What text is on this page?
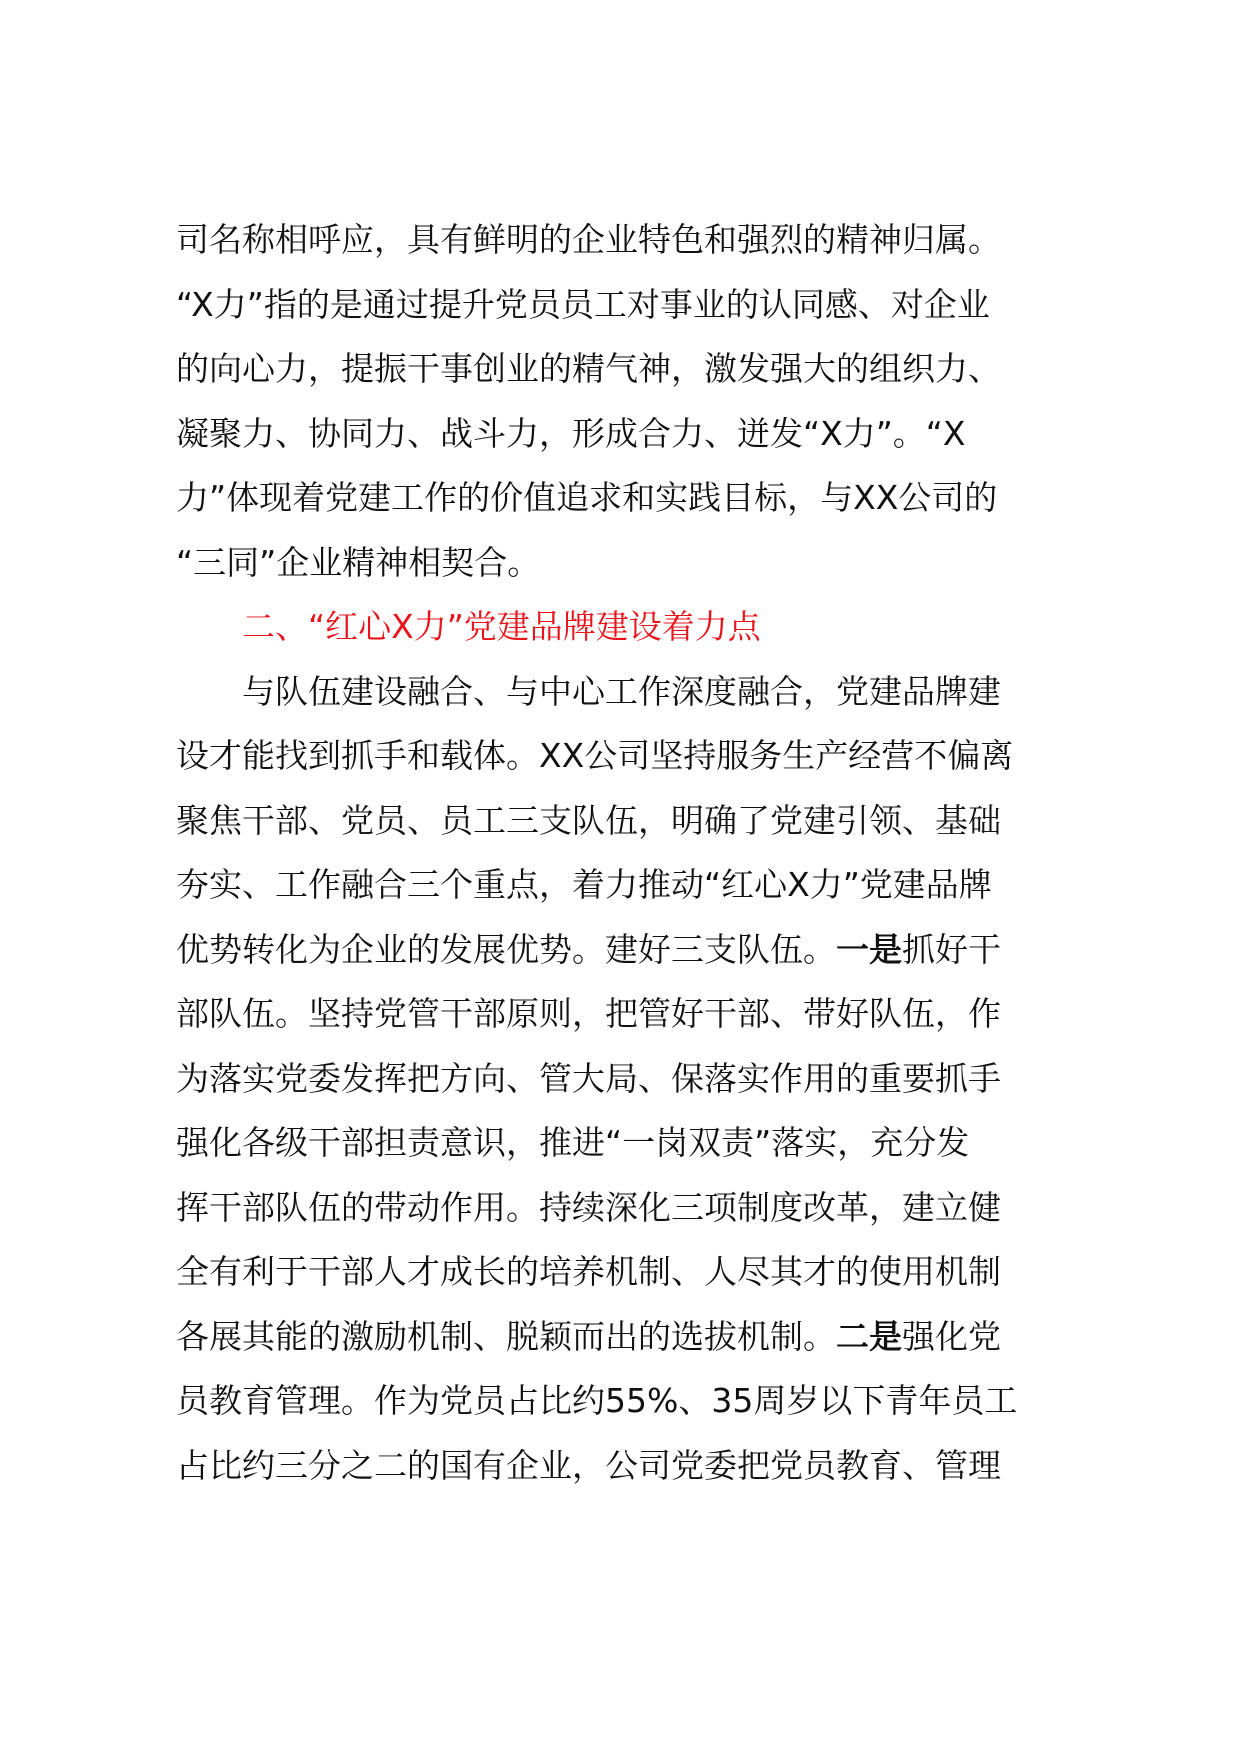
司名称相呼应，具有鲜明的企业特色和强烈的精神归属。
“X力”指的是通过提升党员员工对事业的认同感、对企业
的向心力，提振干事创业的精气神，激发强大的组织力、
凝聚力、协同力、战斗力，形成合力、迸发“X力”。“X
力”体现着党建工作的价值追求和实践目标，与XX公司的
“三同”企业精神相契合。
二、“红心X力”党建品牌建设着力点
与队伍建设融合、与中心工作深度融合，党建品牌建
设才能找到抓手和载体。XX公司坚持服务生产经营不偏离
聚焦干部、党员、员工三支队伍，明确了党建引领、基础
夯实、工作融合三个重点，着力推动“红心X力”党建品牌
优势转化为企业的发展优势。建好三支队伍。一是抓好干
部队伍。坚持党管干部原则，把管好干部、带好队伍，作
为落实党委发挥把方向、管大局、保落实作用的重要抓手
强化各级干部担责意识，推进“一岗双责”落实，充分发
挥干部队伍的带动作用。持续深化三项制度改革，建立健
全有利于干部人才成长的培养机制、人尽其才的使用机制
各展其能的激励机制、脱颖而出的选拔机制。二是强化党
员教育管理。作为党员占比约55%、35周岁以下青年员工
占比约三分之二的国有企业，公司党委把党员教育、管理
